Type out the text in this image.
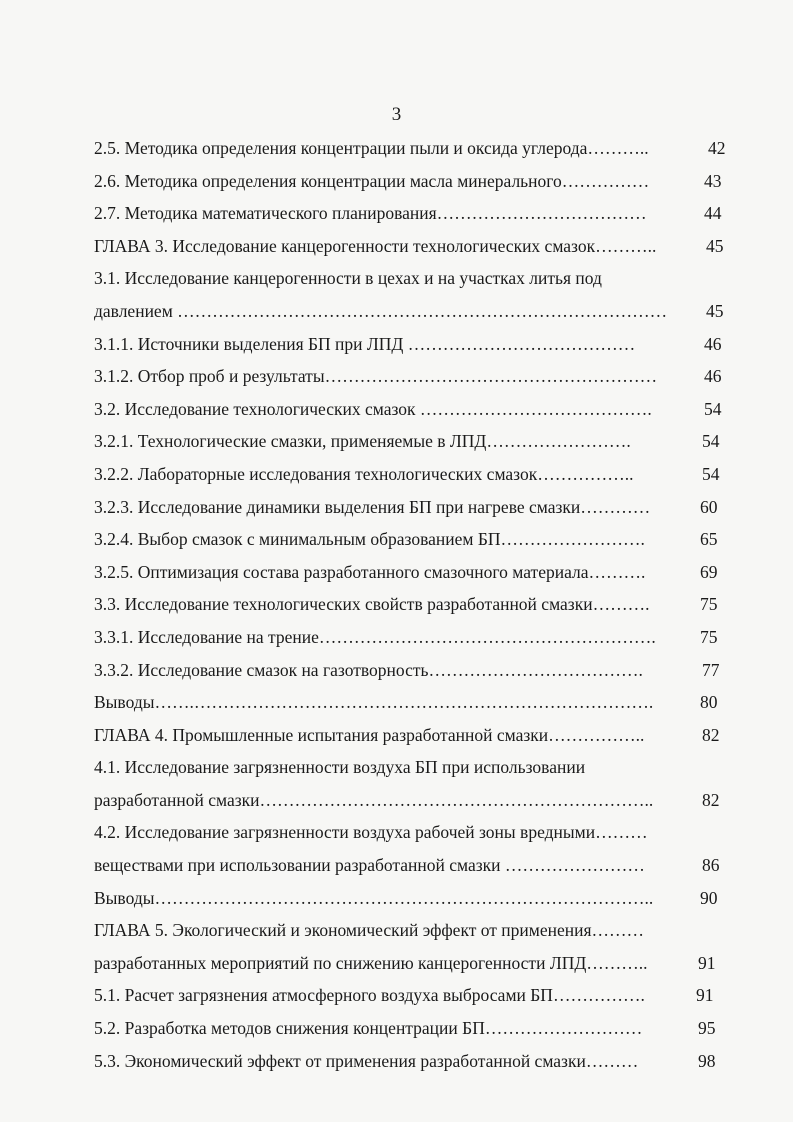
3
2.5. Методика определения концентрации пыли и оксида углерода………..	42
2.6. Методика определения концентрации масла минерального……………	43
2.7. Методика математического планирования………………………………	44
ГЛАВА 3. Исследование канцерогенности технологических смазок………..	45
3.1. Исследование канцерогенности в цехах и на участках литья под
давлением ………………………………………………………………………… 45
3.1.1. Источники выделения БП при ЛПД …………………………………	46
3.1.2. Отбор проб и результаты…………………………………………………	46
3.2. Исследование технологических смазок ………………………………….	54
3.2.1. Технологические смазки, применяемые в ЛПД…………………….	54
3.2.2. Лабораторные исследования технологических смазок……………..	54
3.2.3. Исследование динамики выделения БП при нагреве смазки…………	60
3.2.4. Выбор смазок с минимальным образованием БП…………………….	65
3.2.5. Оптимизация состава разработанного смазочного материала……….	69
3.3. Исследование технологических свойств разработанной смазки……….	75
3.3.1. Исследование на трение………………………………………………….	75
3.3.2. Исследование смазок на газотворность……………………………….	77
Выводы…….…………………………………………………………………….	80
ГЛАВА 4. Промышленные испытания разработанной смазки……………..	82
4.1. Исследование загрязненности воздуха БП при использовании
разработанной смазки…………………………………………………………..	82
4.2. Исследование загрязненности воздуха рабочей зоны вредными………
веществами при использовании разработанной смазки ……………………	86
Выводы…………………………………………………………………………..	90
ГЛАВА 5. Экологический и экономический эффект от применения………
разработанных мероприятий по снижению канцерогенности ЛПД………..	91
5.1. Расчет загрязнения атмосферного воздуха выбросами БП…………….	91
5.2. Разработка методов снижения концентрации БП………………………	95
5.3. Экономический эффект от применения разработанной смазки………	98
